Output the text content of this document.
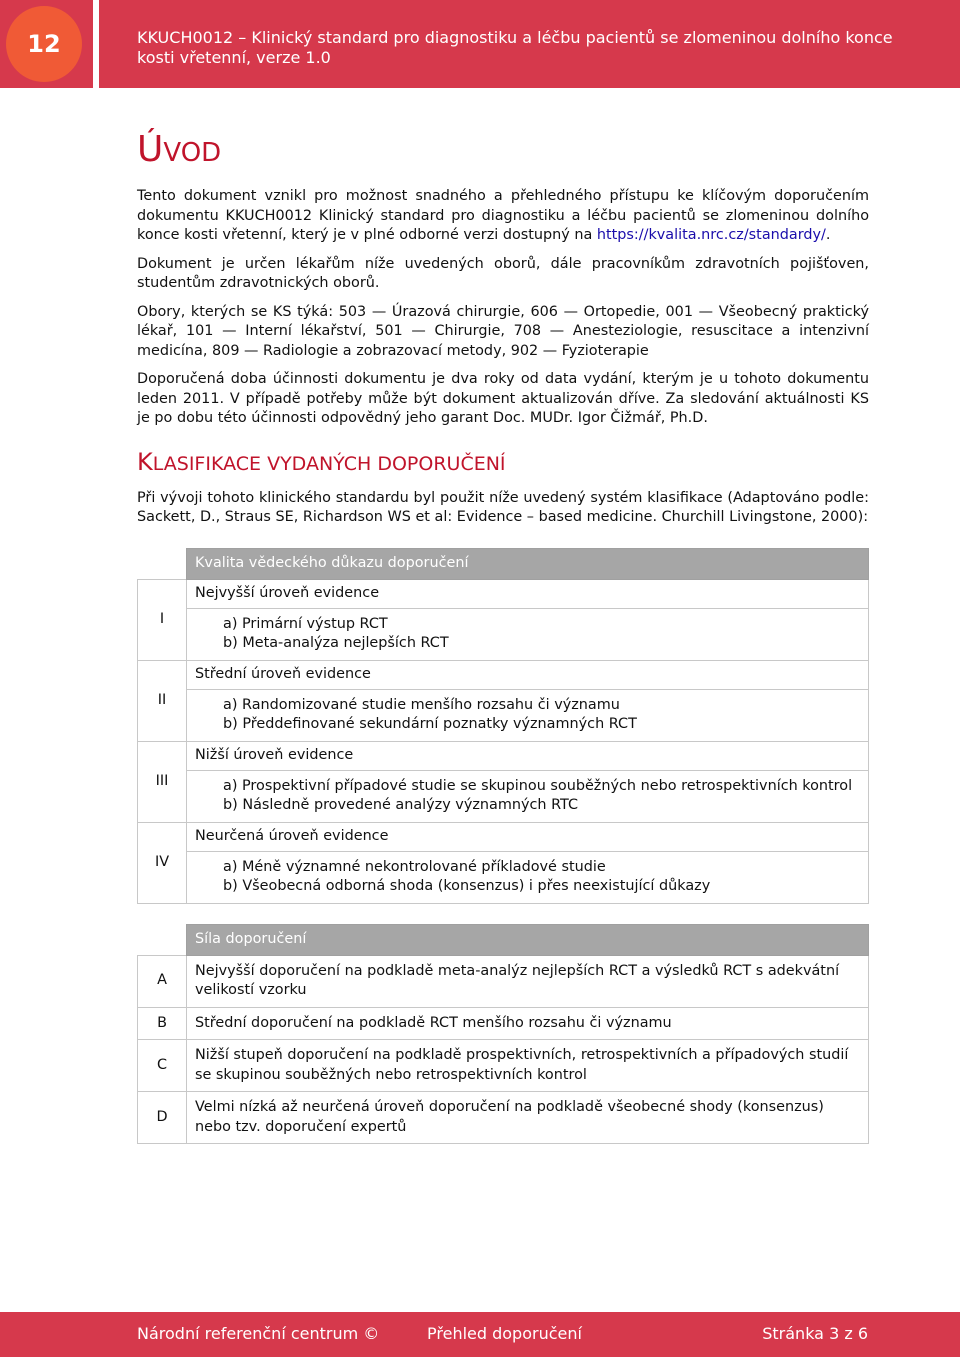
12	KKUCH0012 – Klinický standard pro diagnostiku a léčbu pacientů se zlomeninou dolního konce kosti vřetenní, verze 1.0
ÚVOD

Tento dokument vznikl pro možnost snadného a přehledného přístupu ke klíčovým doporučením dokumentu KKUCH0012 Klinický standard pro diagnostiku a léčbu pacientů se zlomeninou dolního konce kosti vřetenní, který je v plné odborné verzi dostupný na https://kvalita.nrc.cz/standardy/.

Dokument je určen lékařům níže uvedených oborů, dále pracovníkům zdravotních pojišťoven, studentům zdravotnických oborů.

Obory, kterých se KS týká: 503 — Úrazová chirurgie, 606 — Ortopedie, 001 — Všeobecný praktický lékař, 101 — Interní lékařství, 501 — Chirurgie, 708 — Anesteziologie, resuscitace a intenzivní medicína, 809 — Radiologie a zobrazovací metody, 902 — Fyzioterapie

Doporučená doba účinnosti dokumentu je dva roky od data vydání, kterým je u tohoto dokumentu leden 2011. V případě potřeby může být dokument aktualizován dříve. Za sledování aktuálnosti KS je po dobu této účinnosti odpovědný jeho garant Doc. MUDr. Igor Čižmář, Ph.D.

KLASIFIKACE VYDANÝCH DOPORUČENÍ

Při vývoji tohoto klinického standardu byl použit níže uvedený systém klasifikace (Adaptováno podle: Sackett, D., Straus SE, Richardson WS et al: Evidence – based medicine. Churchill Livingstone, 2000):

	Kvalita vědeckého důkazu doporučení
I	Nejvyšší úroveň evidence

	a) Primární výstup RCT
b) Meta-analýza nejlepších RCT

II	Střední úroveň evidence

	a) Randomizované studie menšího rozsahu či významu
b) Předdefinované sekundární poznatky významných RCT

III	Nižší úroveň evidence

	a) Prospektivní případové studie se skupinou souběžných nebo retrospektivních kontrol
b) Následně provedené analýzy významných RTC

IV	Neurčená úroveň evidence

	a) Méně významné nekontrolované příkladové studie
b) Všeobecná odborná shoda (konsenzus) i přes neexistující důkazy
	Síla doporučení
A	Nejvyšší doporučení na podkladě meta-analýz nejlepších RCT a výsledků RCT s adekvátní velikostí vzorku
B	Střední doporučení na podkladě RCT menšího rozsahu či významu
C	Nižší stupeň doporučení na podkladě prospektivních, retrospektivních a případových studií se skupinou souběžných nebo retrospektivních kontrol
D	Velmi nízká až neurčená úroveň doporučení na podkladě všeobecné shody (konsenzus) nebo tzv. doporučení expertů
Národní referenční centrum ©	Přehled doporučení	Stránka 3 z 6
